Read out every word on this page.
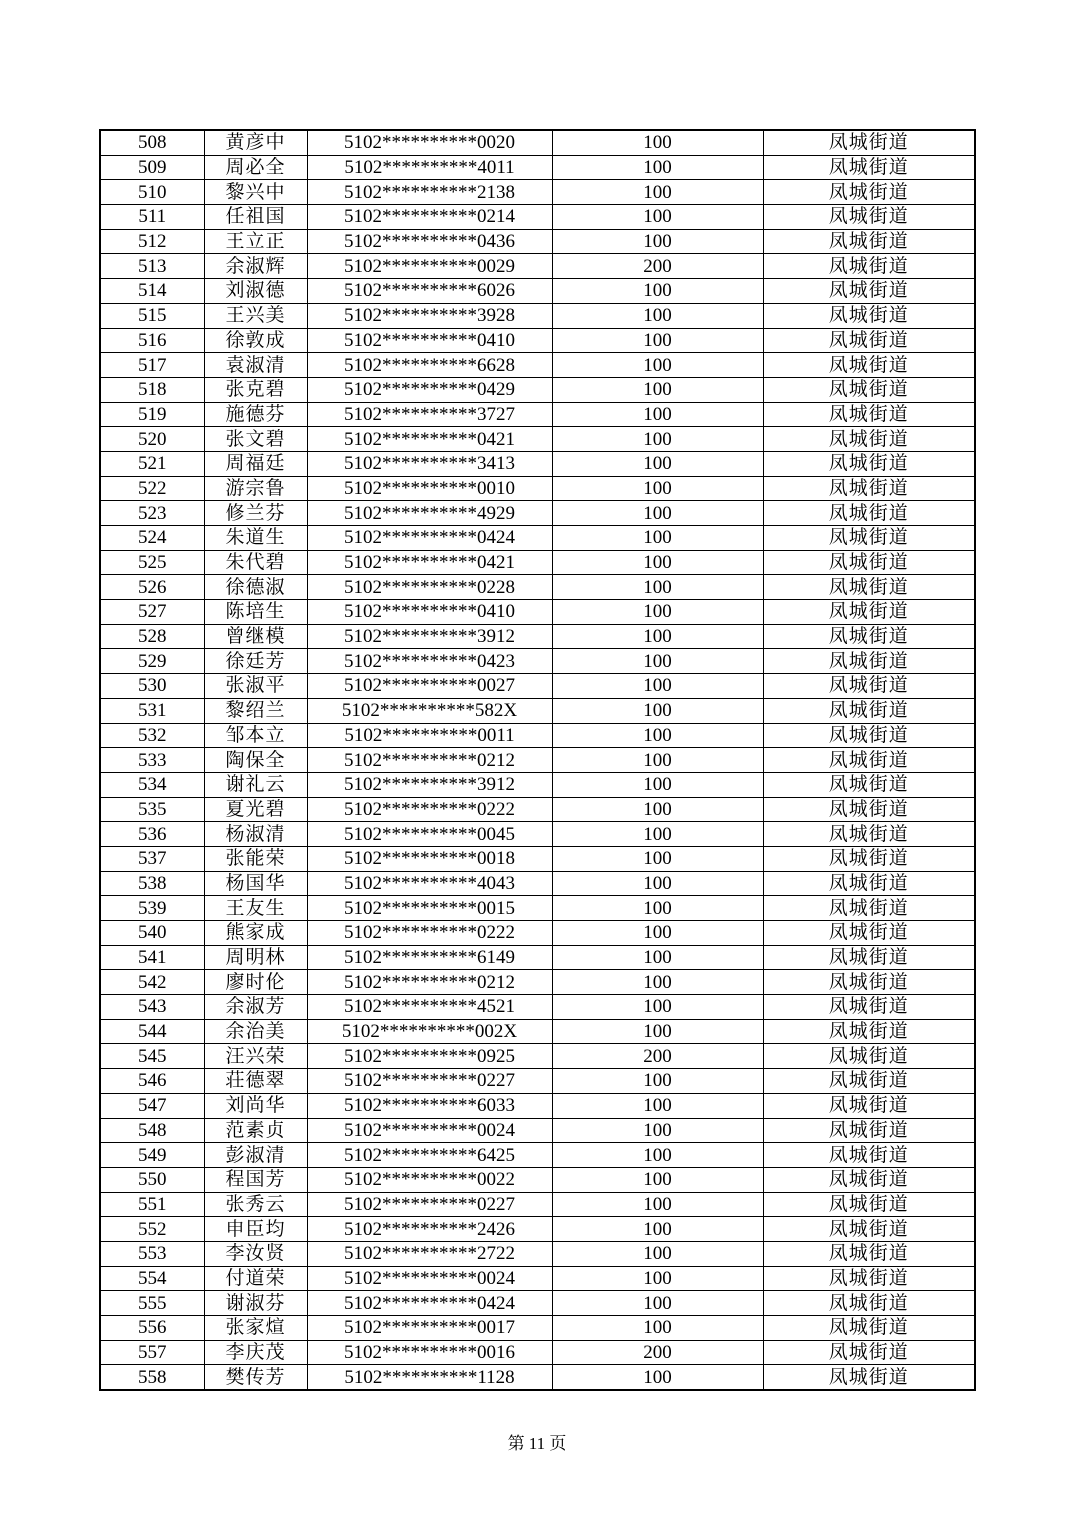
508	黄彦中	5102**********0020	100	凤城街道
509	周必全	5102**********4011	100	凤城街道
510	黎兴中	5102**********2138	100	凤城街道
511	任祖国	5102**********0214	100	凤城街道
512	王立正	5102**********0436	100	凤城街道
513	余淑辉	5102**********0029	200	凤城街道
514	刘淑德	5102**********6026	100	凤城街道
515	王兴美	5102**********3928	100	凤城街道
516	徐敦成	5102**********0410	100	凤城街道
517	袁淑清	5102**********6628	100	凤城街道
518	张克碧	5102**********0429	100	凤城街道
519	施德芬	5102**********3727	100	凤城街道
520	张文碧	5102**********0421	100	凤城街道
521	周福廷	5102**********3413	100	凤城街道
522	游宗鲁	5102**********0010	100	凤城街道
523	修兰芬	5102**********4929	100	凤城街道
524	朱道生	5102**********0424	100	凤城街道
525	朱代碧	5102**********0421	100	凤城街道
526	徐德淑	5102**********0228	100	凤城街道
527	陈培生	5102**********0410	100	凤城街道
528	曾继模	5102**********3912	100	凤城街道
529	徐廷芳	5102**********0423	100	凤城街道
530	张淑平	5102**********0027	100	凤城街道
531	黎绍兰	5102**********582X	100	凤城街道
532	邹本立	5102**********0011	100	凤城街道
533	陶保全	5102**********0212	100	凤城街道
534	谢礼云	5102**********3912	100	凤城街道
535	夏光碧	5102**********0222	100	凤城街道
536	杨淑清	5102**********0045	100	凤城街道
537	张能荣	5102**********0018	100	凤城街道
538	杨国华	5102**********4043	100	凤城街道
539	王友生	5102**********0015	100	凤城街道
540	熊家成	5102**********0222	100	凤城街道
541	周明林	5102**********6149	100	凤城街道
542	廖时伦	5102**********0212	100	凤城街道
543	余淑芳	5102**********4521	100	凤城街道
544	余治美	5102**********002X	100	凤城街道
545	汪兴荣	5102**********0925	200	凤城街道
546	荘德翠	5102**********0227	100	凤城街道
547	刘尚华	5102**********6033	100	凤城街道
548	范素贞	5102**********0024	100	凤城街道
549	彭淑清	5102**********6425	100	凤城街道
550	程国芳	5102**********0022	100	凤城街道
551	张秀云	5102**********0227	100	凤城街道
552	申臣均	5102**********2426	100	凤城街道
553	李汝贤	5102**********2722	100	凤城街道
554	付道荣	5102**********0024	100	凤城街道
555	谢淑芬	5102**********0424	100	凤城街道
556	张家煊	5102**********0017	100	凤城街道
557	李庆茂	5102**********0016	200	凤城街道
558	樊传芳	5102**********1128	100	凤城街道
第 11 页
